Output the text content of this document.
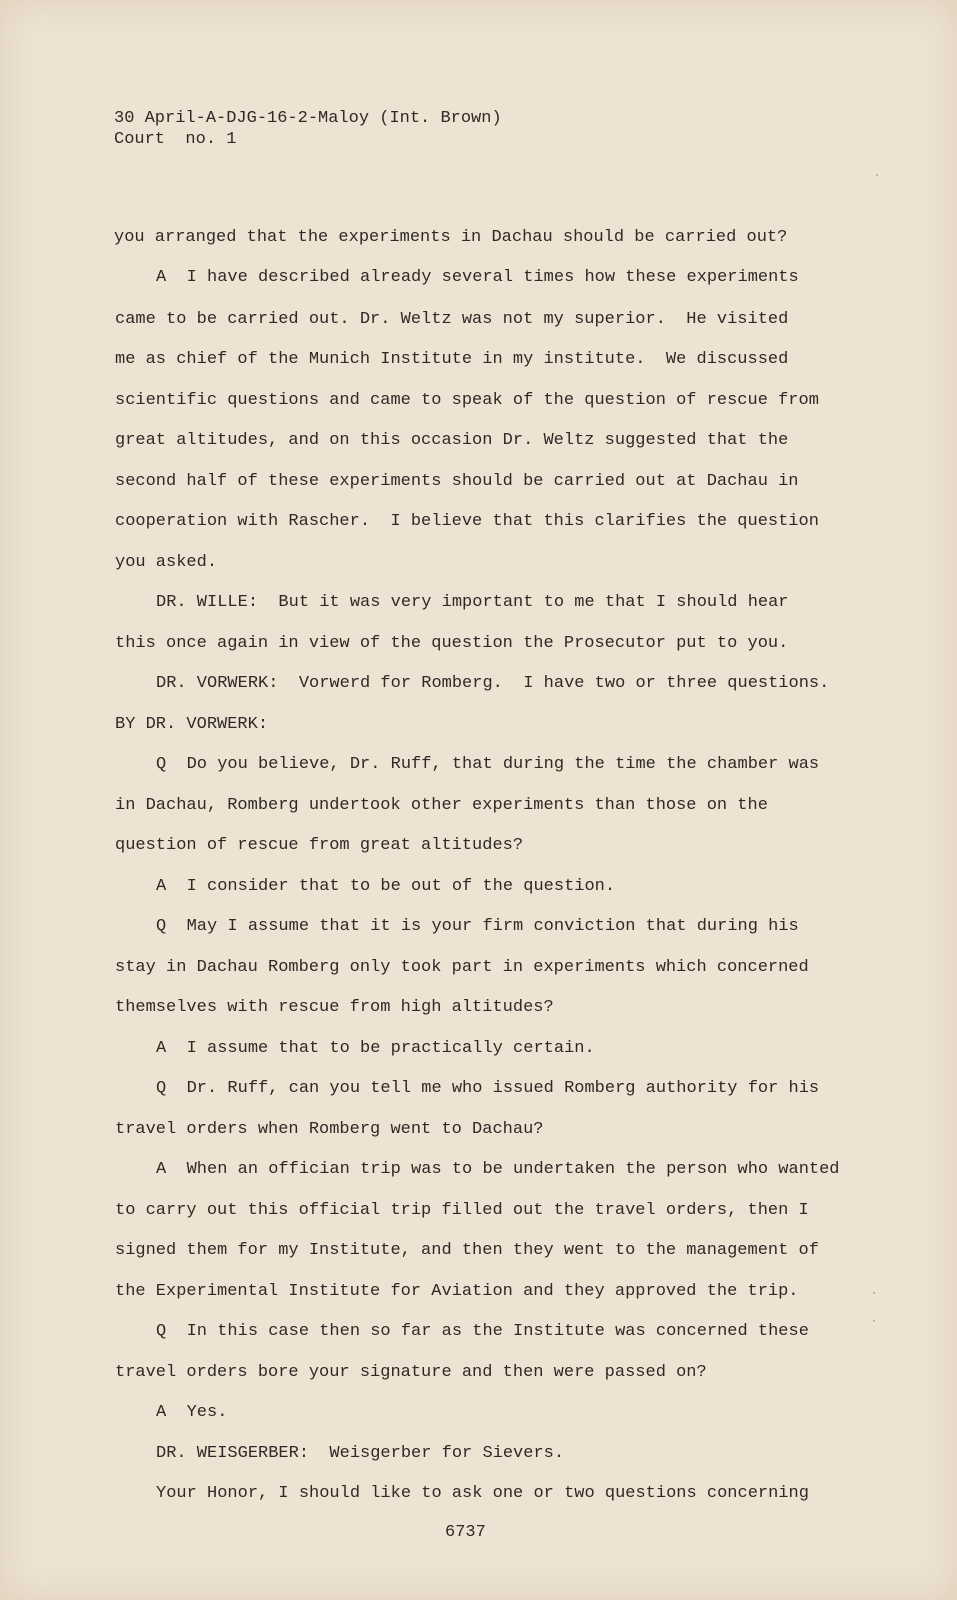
30 April-A-DJG-16-2-Maloy (Int. Brown)
Court  no. 1
you arranged that the experiments in Dachau should be carried out?
A  I have described already several times how these experiments
came to be carried out. Dr. Weltz was not my superior.  He visited
me as chief of the Munich Institute in my institute.  We discussed
scientific questions and came to speak of the question of rescue from
great altitudes, and on this occasion Dr. Weltz suggested that the
second half of these experiments should be carried out at Dachau in
cooperation with Rascher.  I believe that this clarifies the question
you asked.
DR. WILLE:  But it was very important to me that I should hear
this once again in view of the question the Prosecutor put to you.
DR. VORWERK:  Vorwerd for Romberg.  I have two or three questions.
BY DR. VORWERK:
Q  Do you believe, Dr. Ruff, that during the time the chamber was
in Dachau, Romberg undertook other experiments than those on the
question of rescue from great altitudes?
A  I consider that to be out of the question.
Q  May I assume that it is your firm conviction that during his
stay in Dachau Romberg only took part in experiments which concerned
themselves with rescue from high altitudes?
A  I assume that to be practically certain.
Q  Dr. Ruff, can you tell me who issued Romberg authority for his
travel orders when Romberg went to Dachau?
A  When an offician trip was to be undertaken the person who wanted
to carry out this official trip filled out the travel orders, then I
signed them for my Institute, and then they went to the management of
the Experimental Institute for Aviation and they approved the trip.
Q  In this case then so far as the Institute was concerned these
travel orders bore your signature and then were passed on?
A  Yes.
DR. WEISGERBER:  Weisgerber for Sievers.
Your Honor, I should like to ask one or two questions concerning
6737
